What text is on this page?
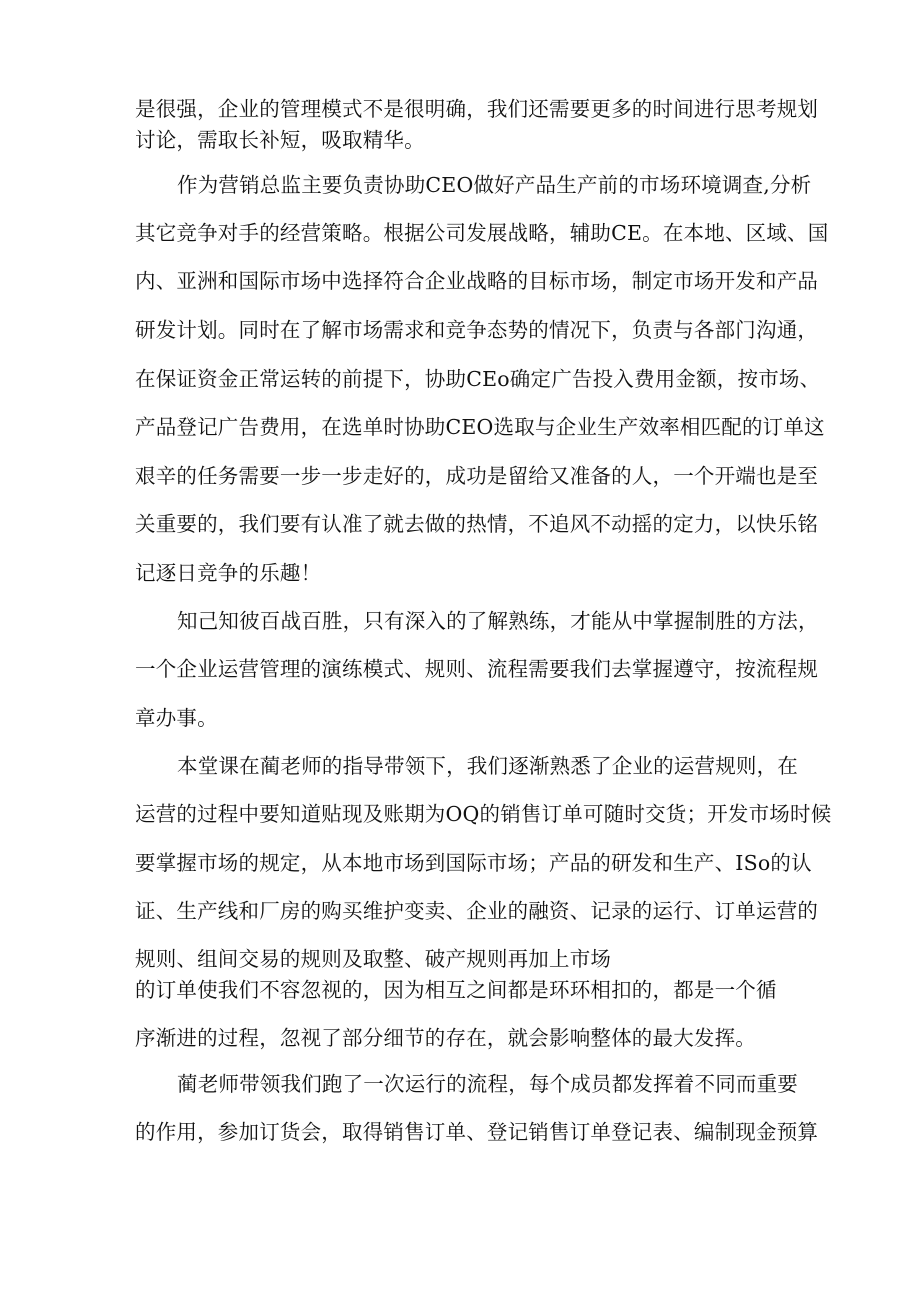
是很强，企业的管理模式不是很明确，我们还需要更多的时间进行思考规划
讨论，需取长补短，吸取精华。
作为营销总监主要负责协助CEO做好产品生产前的市场环境调查,分析
其它竞争对手的经营策略。根据公司发展战略，辅助CE。在本地、区域、国
内、亚洲和国际市场中选择符合企业战略的目标市场，制定市场开发和产品
研发计划。同时在了解市场需求和竞争态势的情况下，负责与各部门沟通，
在保证资金正常运转的前提下，协助CEo确定广告投入费用金额，按市场、
产品登记广告费用，在选单时协助CEO选取与企业生产效率相匹配的订单这
艰辛的任务需要一步一步走好的，成功是留给又准备的人，一个开端也是至
关重要的，我们要有认准了就去做的热情，不追风不动摇的定力，以快乐铭
记逐日竞争的乐趣！
知己知彼百战百胜，只有深入的了解熟练，才能从中掌握制胜的方法，
一个企业运营管理的演练模式、规则、流程需要我们去掌握遵守，按流程规
章办事。
本堂课在蔺老师的指导带领下，我们逐渐熟悉了企业的运营规则，在
运营的过程中要知道贴现及账期为OQ的销售订单可随时交货；开发市场时候
要掌握市场的规定，从本地市场到国际市场；产品的研发和生产、ISo的认
证、生产线和厂房的购买维护变卖、企业的融资、记录的运行、订单运营的
规则、组间交易的规则及取整、破产规则再加上市场
的订单使我们不容忽视的，因为相互之间都是环环相扣的，都是一个循
序渐进的过程，忽视了部分细节的存在，就会影响整体的最大发挥。
蔺老师带领我们跑了一次运行的流程，每个成员都发挥着不同而重要
的作用，参加订货会，取得销售订单、登记销售订单登记表、编制现金预算
